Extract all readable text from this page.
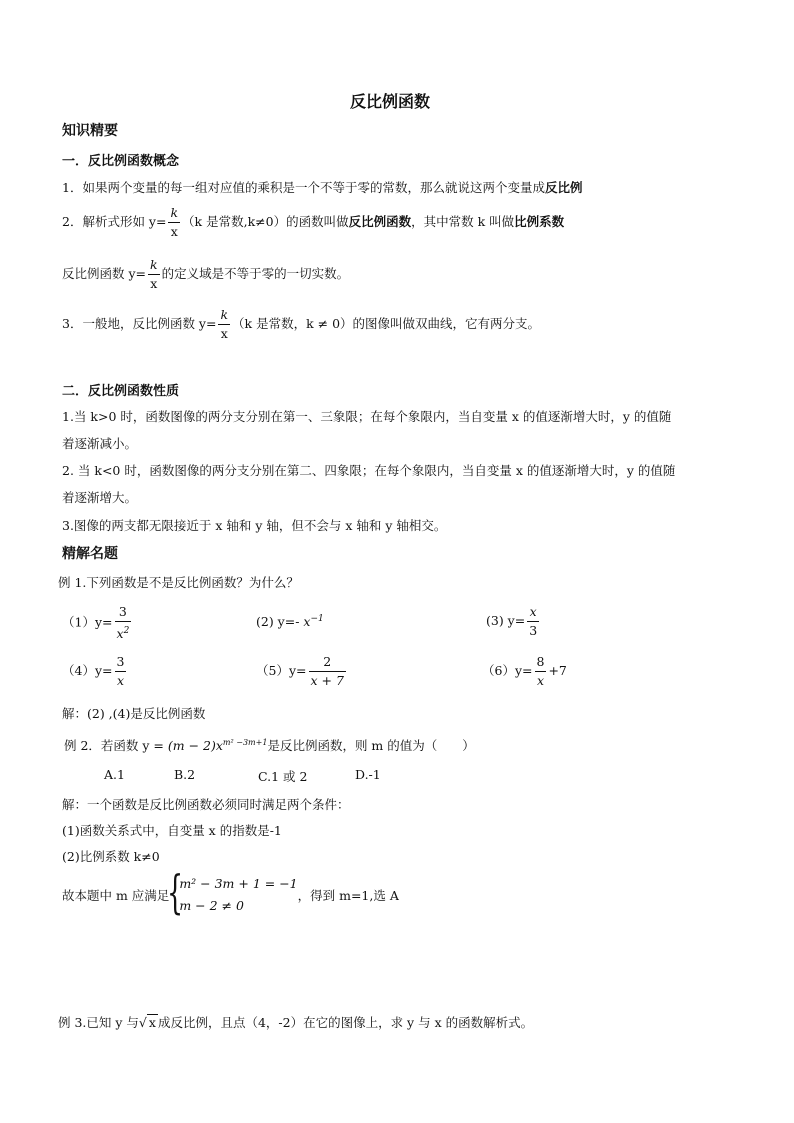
反比例函数
知识精要
一．反比例函数概念
1．如果两个变量的每一组对应值的乘积是一个不等于零的常数，那么就说这两个变量成反比例
2．解析式形如 $y= \frac{k}{x} (k$ 是常数,k≠0）的函数叫做反比例函数，其中常数 k 叫做比例系数
反比例函数 $y= \frac{k}{x}$ 的定义域是不等于零的一切实数。
3．一般地，反比例函数 $y= \frac{k}{x} (k$ 是常数，k ≠ 0）的图像叫做双曲线，它有两分支。
二．反比例函数性质
1.当 k>0 时，函数图像的两分支分别在第一、三象限；在每个象限内，当自变量 x 的值逐渐增大时，y 的值随
着逐渐减小。
2. 当 k<0 时，函数图像的两分支分别在第二、四象限；在每个象限内，当自变量 x 的值逐渐增大时，y 的值随
着逐渐增大。
3.图像的两支都无限接近于 x 轴和 y 轴，但不会与 x 轴和 y 轴相交。
精解名题
例 1.下列函数是不是反比例函数？为什么？
$(1)y= \frac{3}{x^2}$	(2) y=- $x^{-1}$	(3) $y= \frac{x}{3}$
$(4)y= \frac{3}{x}$	$(5)y= \frac{2}{x + 7}$	$(6)y= \frac{8}{x} +7$
解：(2) ,(4)是反比例函数
例 2．若函数 $y = (m - 2)x^{m^2 -3m+1}$是反比例函数，则 m 的值为（　　）
A.1	B.2	C.1 或 2	D.-1
解：一个函数是反比例函数必须同时满足两个条件：
(1)函数关系式中，自变量 x 的指数是-1
(2)比例系数 k≠0
故本题中 m 应满足
{
m² − 3m + 1 = −1
m − 2 ≠ 0
，得到 m=1,选 A
例 3.已知 y 与√ x 成反比例，且点（4，-2）在它的图像上，求 y 与 x 的函数解析式。
